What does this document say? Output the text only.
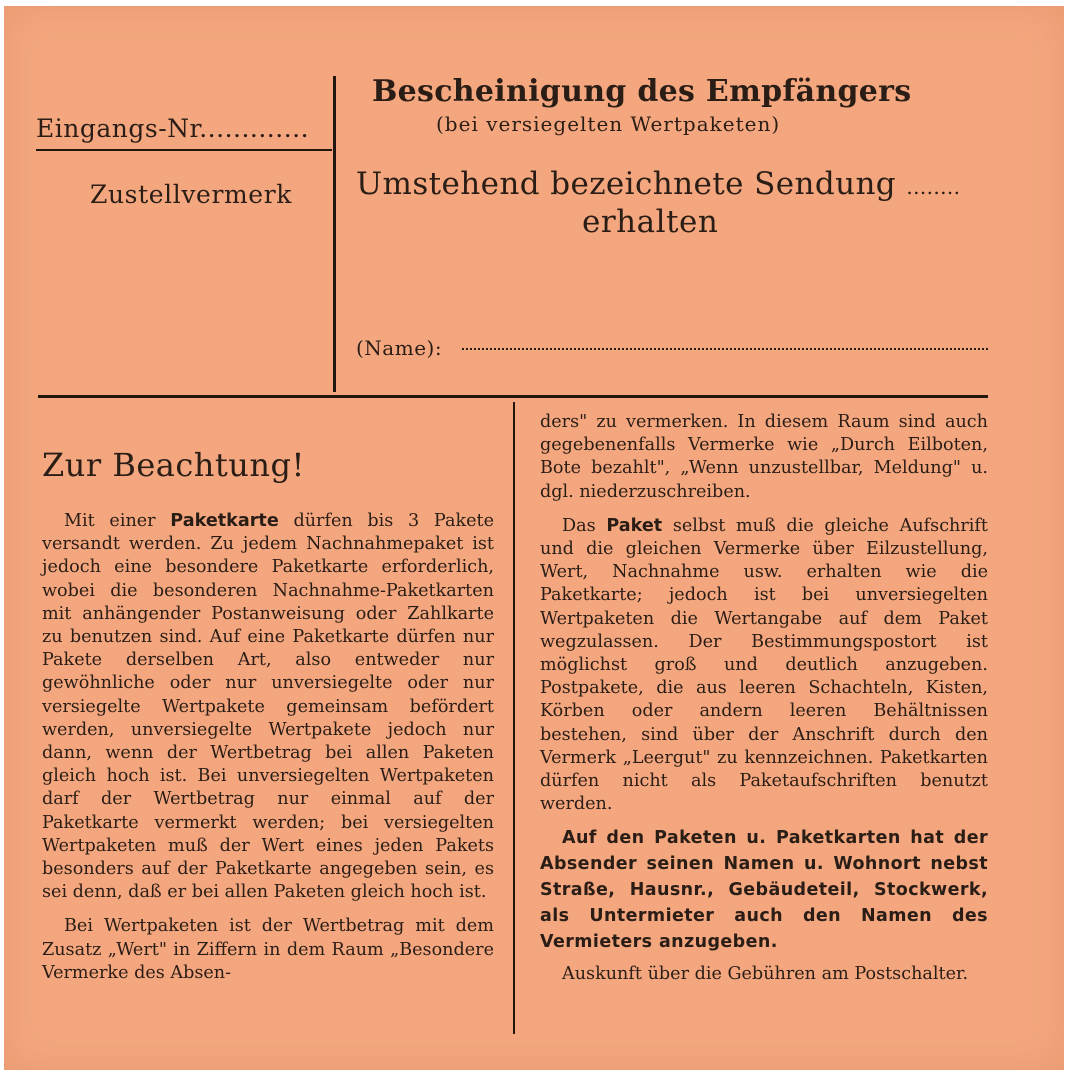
Eingangs-Nr.............
Zustellvermerk
Bescheinigung des Empfängers
(bei versiegelten Wertpaketen)
Umstehend bezeichnete Sendung ........
erhalten
(Name):
Zur Beachtung!

Mit einer Paketkarte dürfen bis 3 Pakete versandt werden. Zu jedem Nachnahmepaket ist jedoch eine besondere Paketkarte erforderlich, wobei die besonderen Nachnahme-Paketkarten mit anhängender Postanweisung oder Zahlkarte zu benutzen sind. Auf eine Paketkarte dürfen nur Pakete derselben Art, also entweder nur gewöhnliche oder nur unversiegelte oder nur versiegelte Wertpakete gemeinsam befördert werden, unversiegelte Wertpakete jedoch nur dann, wenn der Wertbetrag bei allen Paketen gleich hoch ist. Bei unversiegelten Wertpaketen darf der Wertbetrag nur einmal auf der Paketkarte vermerkt werden; bei versiegelten Wertpaketen muß der Wert eines jeden Pakets besonders auf der Paketkarte angegeben sein, es sei denn, daß er bei allen Paketen gleich hoch ist.

Bei Wertpaketen ist der Wertbetrag mit dem Zusatz „Wert" in Ziffern in dem Raum „Besondere Vermerke des Absen-

ders" zu vermerken. In diesem Raum sind auch gegebenenfalls Vermerke wie „Durch Eilboten, Bote bezahlt", „Wenn unzustellbar, Meldung" u. dgl. niederzuschreiben.

Das Paket selbst muß die gleiche Aufschrift und die gleichen Vermerke über Eilzustellung, Wert, Nachnahme usw. erhalten wie die Paketkarte; jedoch ist bei unversiegelten Wertpaketen die Wertangabe auf dem Paket wegzulassen. Der Bestimmungspostort ist möglichst groß und deutlich anzugeben. Postpakete, die aus leeren Schachteln, Kisten, Körben oder andern leeren Behältnissen bestehen, sind über der Anschrift durch den Vermerk „Leergut" zu kennzeichnen. Paketkarten dürfen nicht als Paketaufschriften benutzt werden.

Auf den Paketen u. Paketkarten hat der Absender seinen Namen u. Wohnort nebst Straße, Hausnr., Gebäudeteil, Stockwerk, als Untermieter auch den Namen des Vermieters anzugeben.

Auskunft über die Gebühren am Postschalter.
